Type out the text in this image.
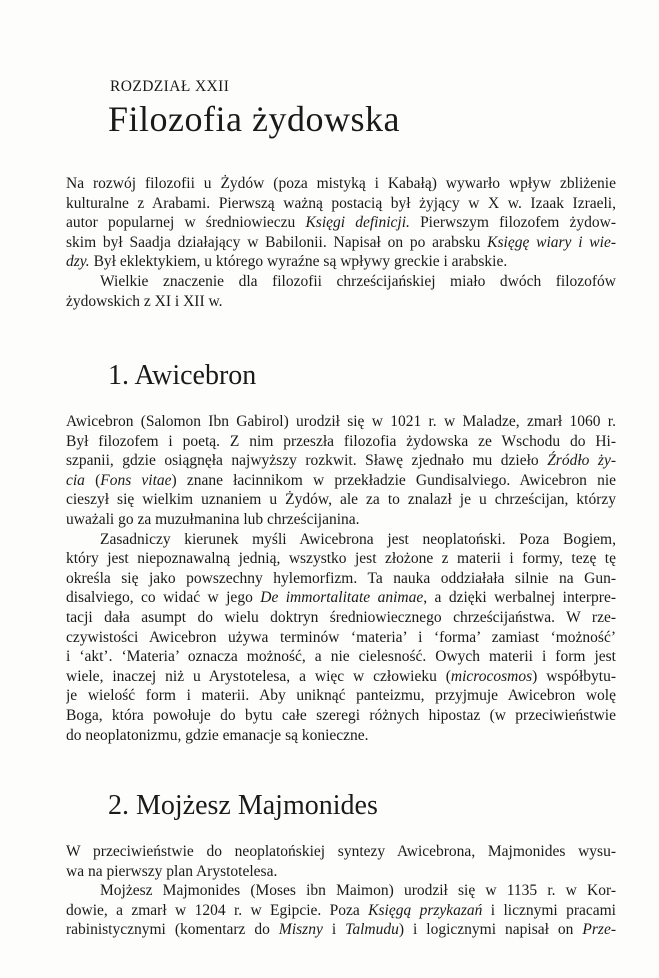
ROZDZIAŁ XXII
Filozofia żydowska
Na rozwój filozofii u Żydów (poza mistyką i Kabałą) wywarło wpływ zbliżenie
kulturalne z Arabami. Pierwszą ważną postacią był żyjący w X w. Izaak Izraeli,
autor popularnej w średniowieczu Księgi definicji. Pierwszym filozofem żydow-
skim był Saadja działający w Babilonii. Napisał on po arabsku Księgę wiary i wie-
dzy. Był eklektykiem, u którego wyraźne są wpływy greckie i arabskie.
Wielkie znaczenie dla filozofii chrześcijańskiej miało dwóch filozofów
żydowskich z XI i XII w.
1. Awicebron
Awicebron (Salomon Ibn Gabirol) urodził się w 1021 r. w Maladze, zmarł 1060 r.
Był filozofem i poetą. Z nim przeszła filozofia żydowska ze Wschodu do Hi-
szpanii, gdzie osiągnęła najwyższy rozkwit. Sławę zjednało mu dzieło Źródło ży-
cia (Fons vitae) znane łacinnikom w przekładzie Gundisalviego. Awicebron nie
cieszył się wielkim uznaniem u Żydów, ale za to znalazł je u chrześcijan, którzy
uważali go za muzułmanina lub chrześcijanina.
Zasadniczy kierunek myśli Awicebrona jest neoplatoński. Poza Bogiem,
który jest niepoznawalną jednią, wszystko jest złożone z materii i formy, tezę tę
określa się jako powszechny hylemorfizm. Ta nauka oddziałała silnie na Gun-
disalviego, co widać w jego De immortalitate animae, a dzięki werbalnej interpre-
tacji dała asumpt do wielu doktryn średniowiecznego chrześcijaństwa. W rze-
czywistości Awicebron używa terminów ‘materia’ i ‘forma’ zamiast ‘możność’
i ‘akt’. ‘Materia’ oznacza możność, a nie cielesność. Owych materii i form jest
wiele, inaczej niż u Arystotelesa, a więc w człowieku (microcosmos) współbytu-
je wielość form i materii. Aby uniknąć panteizmu, przyjmuje Awicebron wolę
Boga, która powołuje do bytu całe szeregi różnych hipostaz (w przeciwieństwie
do neoplatonizmu, gdzie emanacje są konieczne.
2. Mojżesz Majmonides
W przeciwieństwie do neoplatońskiej syntezy Awicebrona, Majmonides wysu-
wa na pierwszy plan Arystotelesa.
Mojżesz Majmonides (Moses ibn Maimon) urodził się w 1135 r. w Kor-
dowie, a zmarł w 1204 r. w Egipcie. Poza Księgą przykazań i licznymi pracami
rabinistycznymi (komentarz do Miszny i Talmudu) i logicznymi napisał on Prze-
